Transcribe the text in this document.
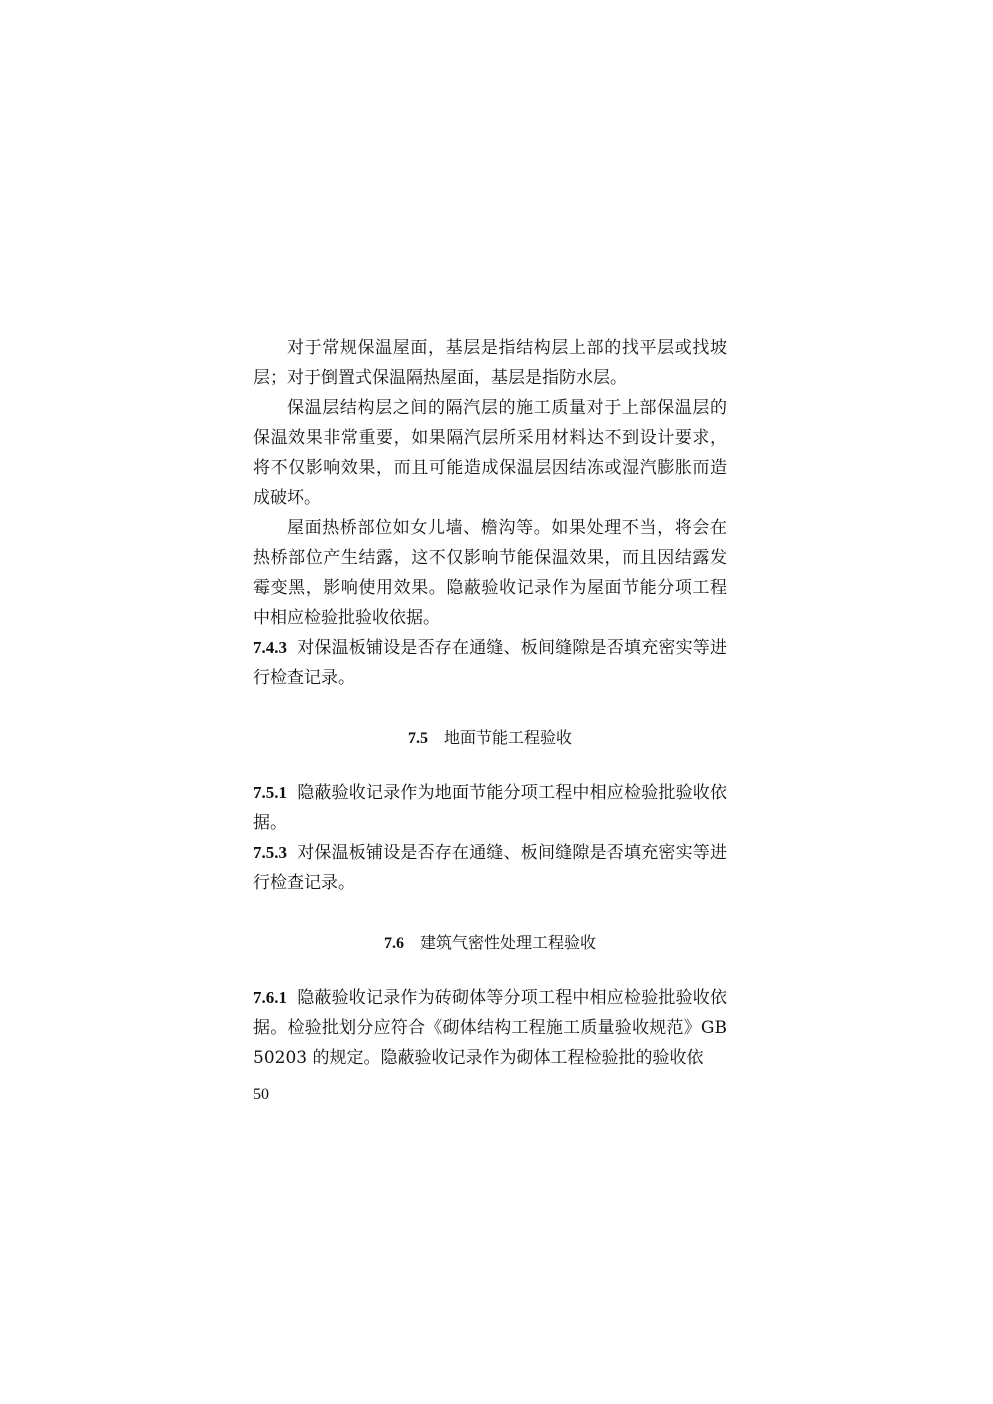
对于常规保温屋面，基层是指结构层上部的找平层或找坡层；对于倒置式保温隔热屋面，基层是指防水层。

保温层结构层之间的隔汽层的施工质量对于上部保温层的保温效果非常重要，如果隔汽层所采用材料达不到设计要求，将不仅影响效果，而且可能造成保温层因结冻或湿汽膨胀而造成破坏。

屋面热桥部位如女儿墙、檐沟等。如果处理不当，将会在热桥部位产生结露，这不仅影响节能保温效果，而且因结露发霉变黑，影响使用效果。隐蔽验收记录作为屋面节能分项工程中相应检验批验收依据。

7.4.3 对保温板铺设是否存在通缝、板间缝隙是否填充密实等进行检查记录。

7.5 地面节能工程验收

7.5.1 隐蔽验收记录作为地面节能分项工程中相应检验批验收依据。

7.5.3 对保温板铺设是否存在通缝、板间缝隙是否填充密实等进行检查记录。

7.6 建筑气密性处理工程验收

7.6.1 隐蔽验收记录作为砖砌体等分项工程中相应检验批验收依据。检验批划分应符合《砌体结构工程施工质量验收规范》GB 50203 的规定。隐蔽验收记录作为砌体工程检验批的验收依

50
